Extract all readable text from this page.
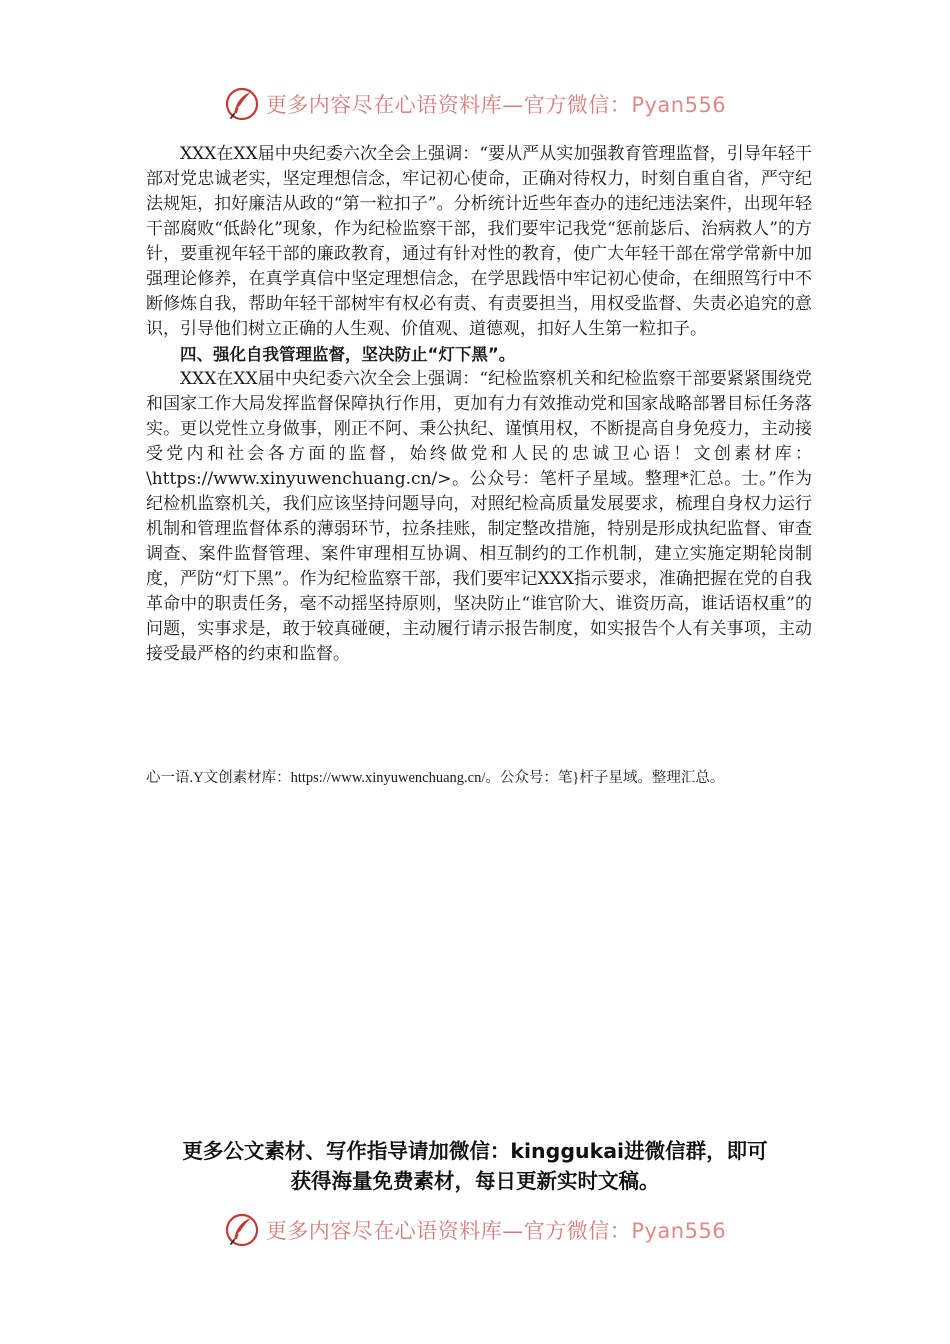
更多内容尽在心语资料库—官方微信：Pyan556

XXX在XX届中央纪委六次全会上强调：“要从严从实加强教育管理监督，引导年轻干部对党忠诚老实，坚定理想信念，牢记初心使命，正确对待权力，时刻自重自省，严守纪法规矩，扣好廉洁从政的“第一粒扣子”。分析统计近些年查办的违纪违法案件，出现年轻干部腐败“低龄化”现象，作为纪检监察干部，我们要牢记我党“惩前毖后、治病救人”的方针，要重视年轻干部的廉政教育，通过有针对性的教育，使广大年轻干部在常学常新中加强理论修养，在真学真信中坚定理想信念，在学思践悟中牢记初心使命，在细照笃行中不断修炼自我，帮助年轻干部树牢有权必有责、有责要担当，用权受监督、失责必追究的意识，引导他们树立正确的人生观、价值观、道德观，扣好人生第一粒扣子。

四、强化自我管理监督，坚决防止“灯下黑”。

XXX在XX届中央纪委六次全会上强调：“纪检监察机关和纪检监察干部要紧紧围绕党和国家工作大局发挥监督保障执行作用，更加有力有效推动党和国家战略部署目标任务落实。更以党性立身做事，刚正不阿、秉公执纪、谨慎用权，不断提高自身免疫力，主动接受党内和社会各方面的监督，始终做党和人民的忠诚卫心语！文创素材库：\https://www.xinyuwenchuang.cn/>。公众号：笔杆子星域。整理*汇总。士。”作为纪检机监察机关，我们应该坚持问题导向，对照纪检高质量发展要求，梳理自身权力运行机制和管理监督体系的薄弱环节，拉条挂账，制定整改措施，特别是形成执纪监督、审查调查、案件监督管理、案件审理相互协调、相互制约的工作机制，建立实施定期轮岗制度，严防“灯下黑”。作为纪检监察干部，我们要牢记XXX指示要求，准确把握在党的自我革命中的职责任务，毫不动摇坚持原则，坚决防止“谁官阶大、谁资历高，谁话语权重”的问题，实事求是，敢于较真碰硬，主动履行请示报告制度，如实报告个人有关事项，主动接受最严格的约束和监督。

心一语.Y文创素材库：https://www.xinyuwenchuang.cn/。公众号：笔}杆子星域。整理汇总。
更多公文素材、写作指导请加微信：kinggukai进微信群，即可
获得海量免费素材，每日更新实时文稿。
更多内容尽在心语资料库—官方微信：Pyan556
